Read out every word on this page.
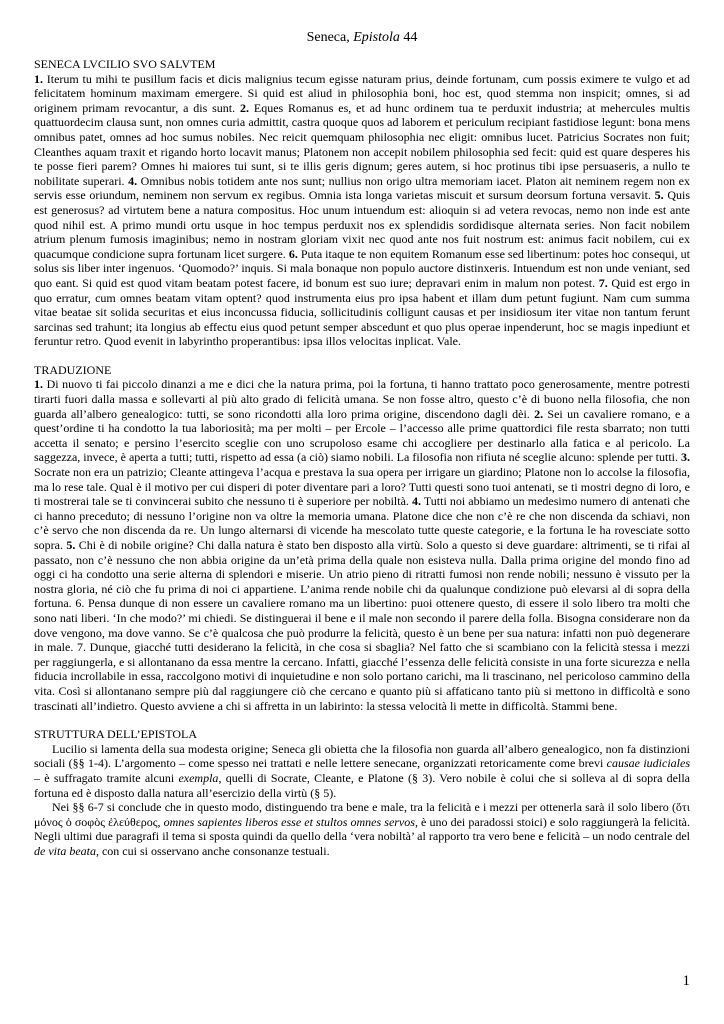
Seneca, Epistola 44

SENECA LVCILIO SVO SALVTEM

1. Iterum tu mihi te pusillum facis et dicis malignius tecum egisse naturam prius, deinde fortunam, cum possis eximere te vulgo et ad felicitatem hominum maximam emergere. Si quid est aliud in philosophia boni, hoc est, quod stemma non inspicit; omnes, si ad originem primam revocantur, a dis sunt. 2. Eques Romanus es, et ad hunc ordinem tua te perduxit industria; at mehercules multis quattuordecim clausa sunt, non omnes curia admittit, castra quoque quos ad laborem et periculum recipiant fastidiose legunt: bona mens omnibus patet, omnes ad hoc sumus nobiles. Nec reicit quemquam philosophia nec eligit: omnibus lucet. Patricius Socrates non fuit; Cleanthes aquam traxit et rigando horto locavit manus; Platonem non accepit nobilem philosophia sed fecit: quid est quare desperes his te posse fieri parem? Omnes hi maiores tui sunt, si te illis geris dignum; geres autem, si hoc protinus tibi ipse persuaseris, a nullo te nobilitate superari. 4. Omnibus nobis totidem ante nos sunt; nullius non origo ultra memoriam iacet. Platon ait neminem regem non ex servis esse oriundum, neminem non servum ex regibus. Omnia ista longa varietas miscuit et sursum deorsum fortuna versavit. 5. Quis est generosus? ad virtutem bene a natura compositus. Hoc unum intuendum est: alioquin si ad vetera revocas, nemo non inde est ante quod nihil est. A primo mundi ortu usque in hoc tempus perduxit nos ex splendidis sordidisque alternata series. Non facit nobilem atrium plenum fumosis imaginibus; nemo in nostram gloriam vixit nec quod ante nos fuit nostrum est: animus facit nobilem, cui ex quacumque condicione supra fortunam licet surgere. 6. Puta itaque te non equitem Romanum esse sed libertinum: potes hoc consequi, ut solus sis liber inter ingenuos. ‘Quomodo?’ inquis. Si mala bonaque non populo auctore distinxeris. Intuendum est non unde veniant, sed quo eant. Si quid est quod vitam beatam potest facere, id bonum est suo iure; depravari enim in malum non potest. 7. Quid est ergo in quo erratur, cum omnes beatam vitam optent? quod instrumenta eius pro ipsa habent et illam dum petunt fugiunt. Nam cum summa vitae beatae sit solida securitas et eius inconcussa fiducia, sollicitudinis colligunt causas et per insidiosum iter vitae non tantum ferunt sarcinas sed trahunt; ita longius ab effectu eius quod petunt semper abscedunt et quo plus operae inpenderunt, hoc se magis inpediunt et feruntur retro. Quod evenit in labyrintho properantibus: ipsa illos velocitas inplicat. Vale.

TRADUZIONE

1. Di nuovo ti fai piccolo dinanzi a me e dici che la natura prima, poi la fortuna, ti hanno trattato poco generosamente, mentre potresti tirarti fuori dalla massa e sollevarti al più alto grado di felicità umana. Se non fosse altro, questo c’è di buono nella filosofia, che non guarda all’albero genealogico: tutti, se sono ricondotti alla loro prima origine, discendono dagli dèi. 2. Sei un cavaliere romano, e a quest’ordine ti ha condotto la tua laboriosità; ma per molti – per Ercole – l’accesso alle prime quattordici file resta sbarrato; non tutti accetta il senato; e persino l’esercito sceglie con uno scrupoloso esame chi accogliere per destinarlo alla fatica e al pericolo. La saggezza, invece, è aperta a tutti; tutti, rispetto ad essa (a ciò) siamo nobili. La filosofia non rifiuta né sceglie alcuno: splende per tutti. 3. Socrate non era un patrizio; Cleante attingeva l’acqua e prestava la sua opera per irrigare un giardino; Platone non lo accolse la filosofia, ma lo rese tale. Qual è il motivo per cui disperi di poter diventare pari a loro? Tutti questi sono tuoi antenati, se ti mostri degno di loro, e ti mostrerai tale se ti convincerai subito che nessuno ti è superiore per nobiltà. 4. Tutti noi abbiamo un medesimo numero di antenati che ci hanno preceduto; di nessuno l’origine non va oltre la memoria umana. Platone dice che non c’è re che non discenda da schiavi, non c’è servo che non discenda da re. Un lungo alternarsi di vicende ha mescolato tutte queste categorie, e la fortuna le ha rovesciate sotto sopra. 5. Chi è di nobile origine? Chi dalla natura è stato ben disposto alla virtù. Solo a questo si deve guardare: altrimenti, se ti rifai al passato, non c’è nessuno che non abbia origine da un’età prima della quale non esisteva nulla. Dalla prima origine del mondo fino ad oggi ci ha condotto una serie alterna di splendori e miserie. Un atrio pieno di ritratti fumosi non rende nobili; nessuno è vissuto per la nostra gloria, né ciò che fu prima di noi ci appartiene. L’anima rende nobile chi da qualunque condizione può elevarsi al di sopra della fortuna. 6. Pensa dunque di non essere un cavaliere romano ma un libertino: puoi ottenere questo, di essere il solo libero tra molti che sono nati liberi. ‘In che modo?’ mi chiedi. Se distinguerai il bene e il male non secondo il parere della folla. Bisogna considerare non da dove vengono, ma dove vanno. Se c’è qualcosa che può produrre la felicità, questo è un bene per sua natura: infatti non può degenerare in male. 7. Dunque, giacché tutti desiderano la felicità, in che cosa si sbaglia? Nel fatto che si scambiano con la felicità stessa i mezzi per raggiungerla, e si allontanano da essa mentre la cercano. Infatti, giacché l’essenza delle felicità consiste in una forte sicurezza e nella fiducia incrollabile in essa, raccolgono motivi di inquietudine e non solo portano carichi, ma li trascinano, nel pericoloso cammino della vita. Così si allontanano sempre più dal raggiungere ciò che cercano e quanto più si affaticano tanto più si mettono in difficoltà e sono trascinati all’indietro. Questo avviene a chi si affretta in un labirinto: la stessa velocità li mette in difficoltà. Stammi bene.

STRUTTURA DELL’EPISTOLA

Lucilio si lamenta della sua modesta origine; Seneca gli obietta che la filosofia non guarda all’albero genealogico, non fa distinzioni sociali (§§ 1-4). L’argomento – come spesso nei trattati e nelle lettere senecane, organizzati retoricamente come brevi causae iudiciales – è suffragato tramite alcuni exempla, quelli di Socrate, Cleante, e Platone (§ 3). Vero nobile è colui che si solleva al di sopra della fortuna ed è disposto dalla natura all’esercizio della virtù (§ 5).

Nei §§ 6-7 si conclude che in questo modo, distinguendo tra bene e male, tra la felicità e i mezzi per ottenerla sarà il solo libero (ὅτι μόνος ὁ σοφὸς ἐλεύθερος, omnes sapientes liberos esse et stultos omnes servos, è uno dei paradossi stoici) e solo raggiungerà la felicità. Negli ultimi due paragrafi il tema si sposta quindi da quello della ‘vera nobiltà’ al rapporto tra vero bene e felicità – un nodo centrale del de vita beata, con cui si osservano anche consonanze testuali.

1
